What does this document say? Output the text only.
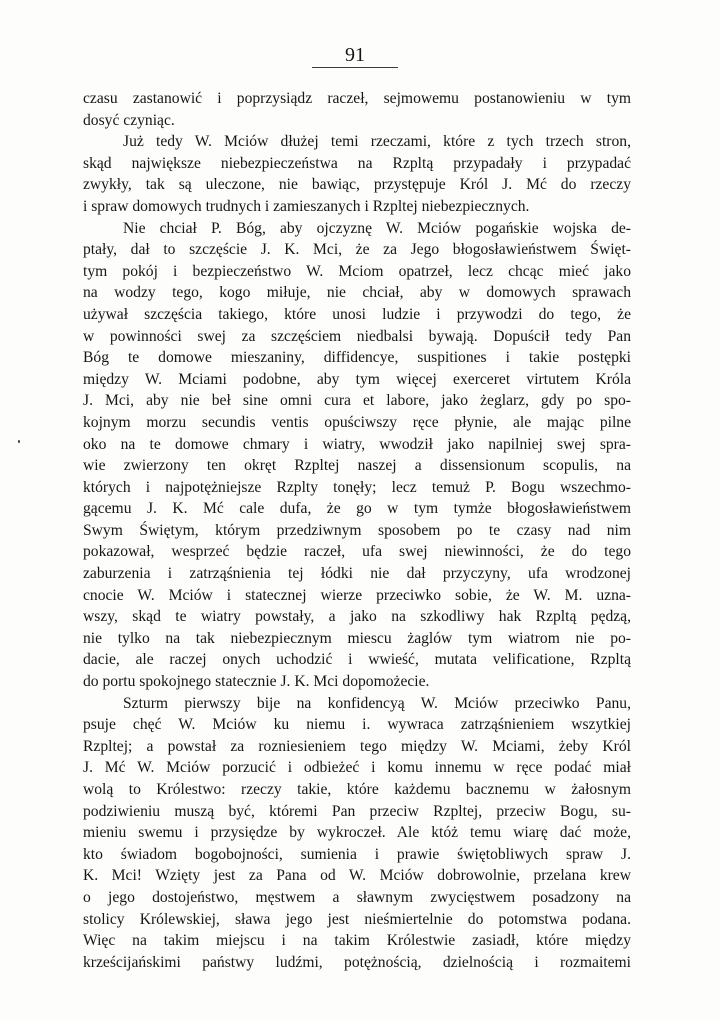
91
czasu zastanowić i poprzysiądz raczeł, sejmowemu postanowieniu w tym
dosyć czyniąc.
Już tedy W. Mciów dłużej temi rzeczami, które z tych trzech stron,
skąd największe niebezpieczeństwa na Rzpltą przypadały i przypadać
zwykły, tak są uleczone, nie bawiąc, przystępuje Król J. Mć do rzeczy
i spraw domowych trudnych i zamieszanych i Rzpltej niebezpiecznych.
Nie chciał P. Bóg, aby ojczyznę W. Mciów pogańskie wojska de-
ptały, dał to szczęście J. K. Mci, że za Jego błogosławieństwem Święt-
tym pokój i bezpieczeństwo W. Mciom opatrzeł, lecz chcąc mieć jako
na wodzy tego, kogo miłuje, nie chciał, aby w domowych sprawach
używał szczęścia takiego, które unosi ludzie i przywodzi do tego, że
w powinności swej za szczęściem niedbalsi bywają. Dopuścił tedy Pan
Bóg te domowe mieszaniny, diffidencye, suspitiones i takie postępki
między W. Mciami podobne, aby tym więcej exerceret virtutem Króla
J. Mci, aby nie beł sine omni cura et labore, jako żeglarz, gdy po spo-
kojnym morzu secundis ventis opuściwszy ręce płynie, ale mając pilne
oko na te domowe chmary i wiatry, wwodził jako napilniej swej spra-
wie zwierzony ten okręt Rzpltej naszej a dissensionum scopulis, na
których i najpotężniejsze Rzplty tonęły; lecz temuż P. Bogu wszechmo-
gącemu J. K. Mć cale dufa, że go w tym tymże błogosławieństwem
Swym Świętym, którym przedziwnym sposobem po te czasy nad nim
pokazował, wesprzeć będzie raczeł, ufa swej niewinności, że do tego
zaburzenia i zatrząśnienia tej łódki nie dał przyczyny, ufa wrodzonej
cnocie W. Mciów i statecznej wierze przeciwko sobie, że W. M. uzna-
wszy, skąd te wiatry powstały, a jako na szkodliwy hak Rzpltą pędzą,
nie tylko na tak niebezpiecznym miescu żaglów tym wiatrom nie po-
dacie, ale raczej onych uchodzić i wwieść, mutata velificatione, Rzpltą
do portu spokojnego statecznie J. K. Mci dopomożecie.
Szturm pierwszy bije na konfidencyą W. Mciów przeciwko Panu,
psuje chęć W. Mciów ku niemu i. wywraca zatrząśnieniem wszytkiej
Rzpltej; a powstał za rozniesieniem tego między W. Mciami, żeby Król
J. Mć W. Mciów porzucić i odbieżeć i komu innemu w ręce podać miał
wolą to Królestwo: rzeczy takie, które każdemu bacznemu w żałosnym
podziwieniu muszą być, któremi Pan przeciw Rzpltej, przeciw Bogu, su-
mieniu swemu i przysiędze by wykroczeł. Ale któż temu wiarę dać może,
kto świadom bogobojności, sumienia i prawie świętobliwych spraw J.
K. Mci! Wzięty jest za Pana od W. Mciów dobrowolnie, przelana krew
o jego dostojeństwo, męstwem a sławnym zwycięstwem posadzony na
stolicy Królewskiej, sława jego jest nieśmiertelnie do potomstwa podana.
Więc na takim miejscu i na takim Królestwie zasiadł, które między
krześcijańskimi państwy ludźmi, potężnością, dzielnością i rozmaitemi
